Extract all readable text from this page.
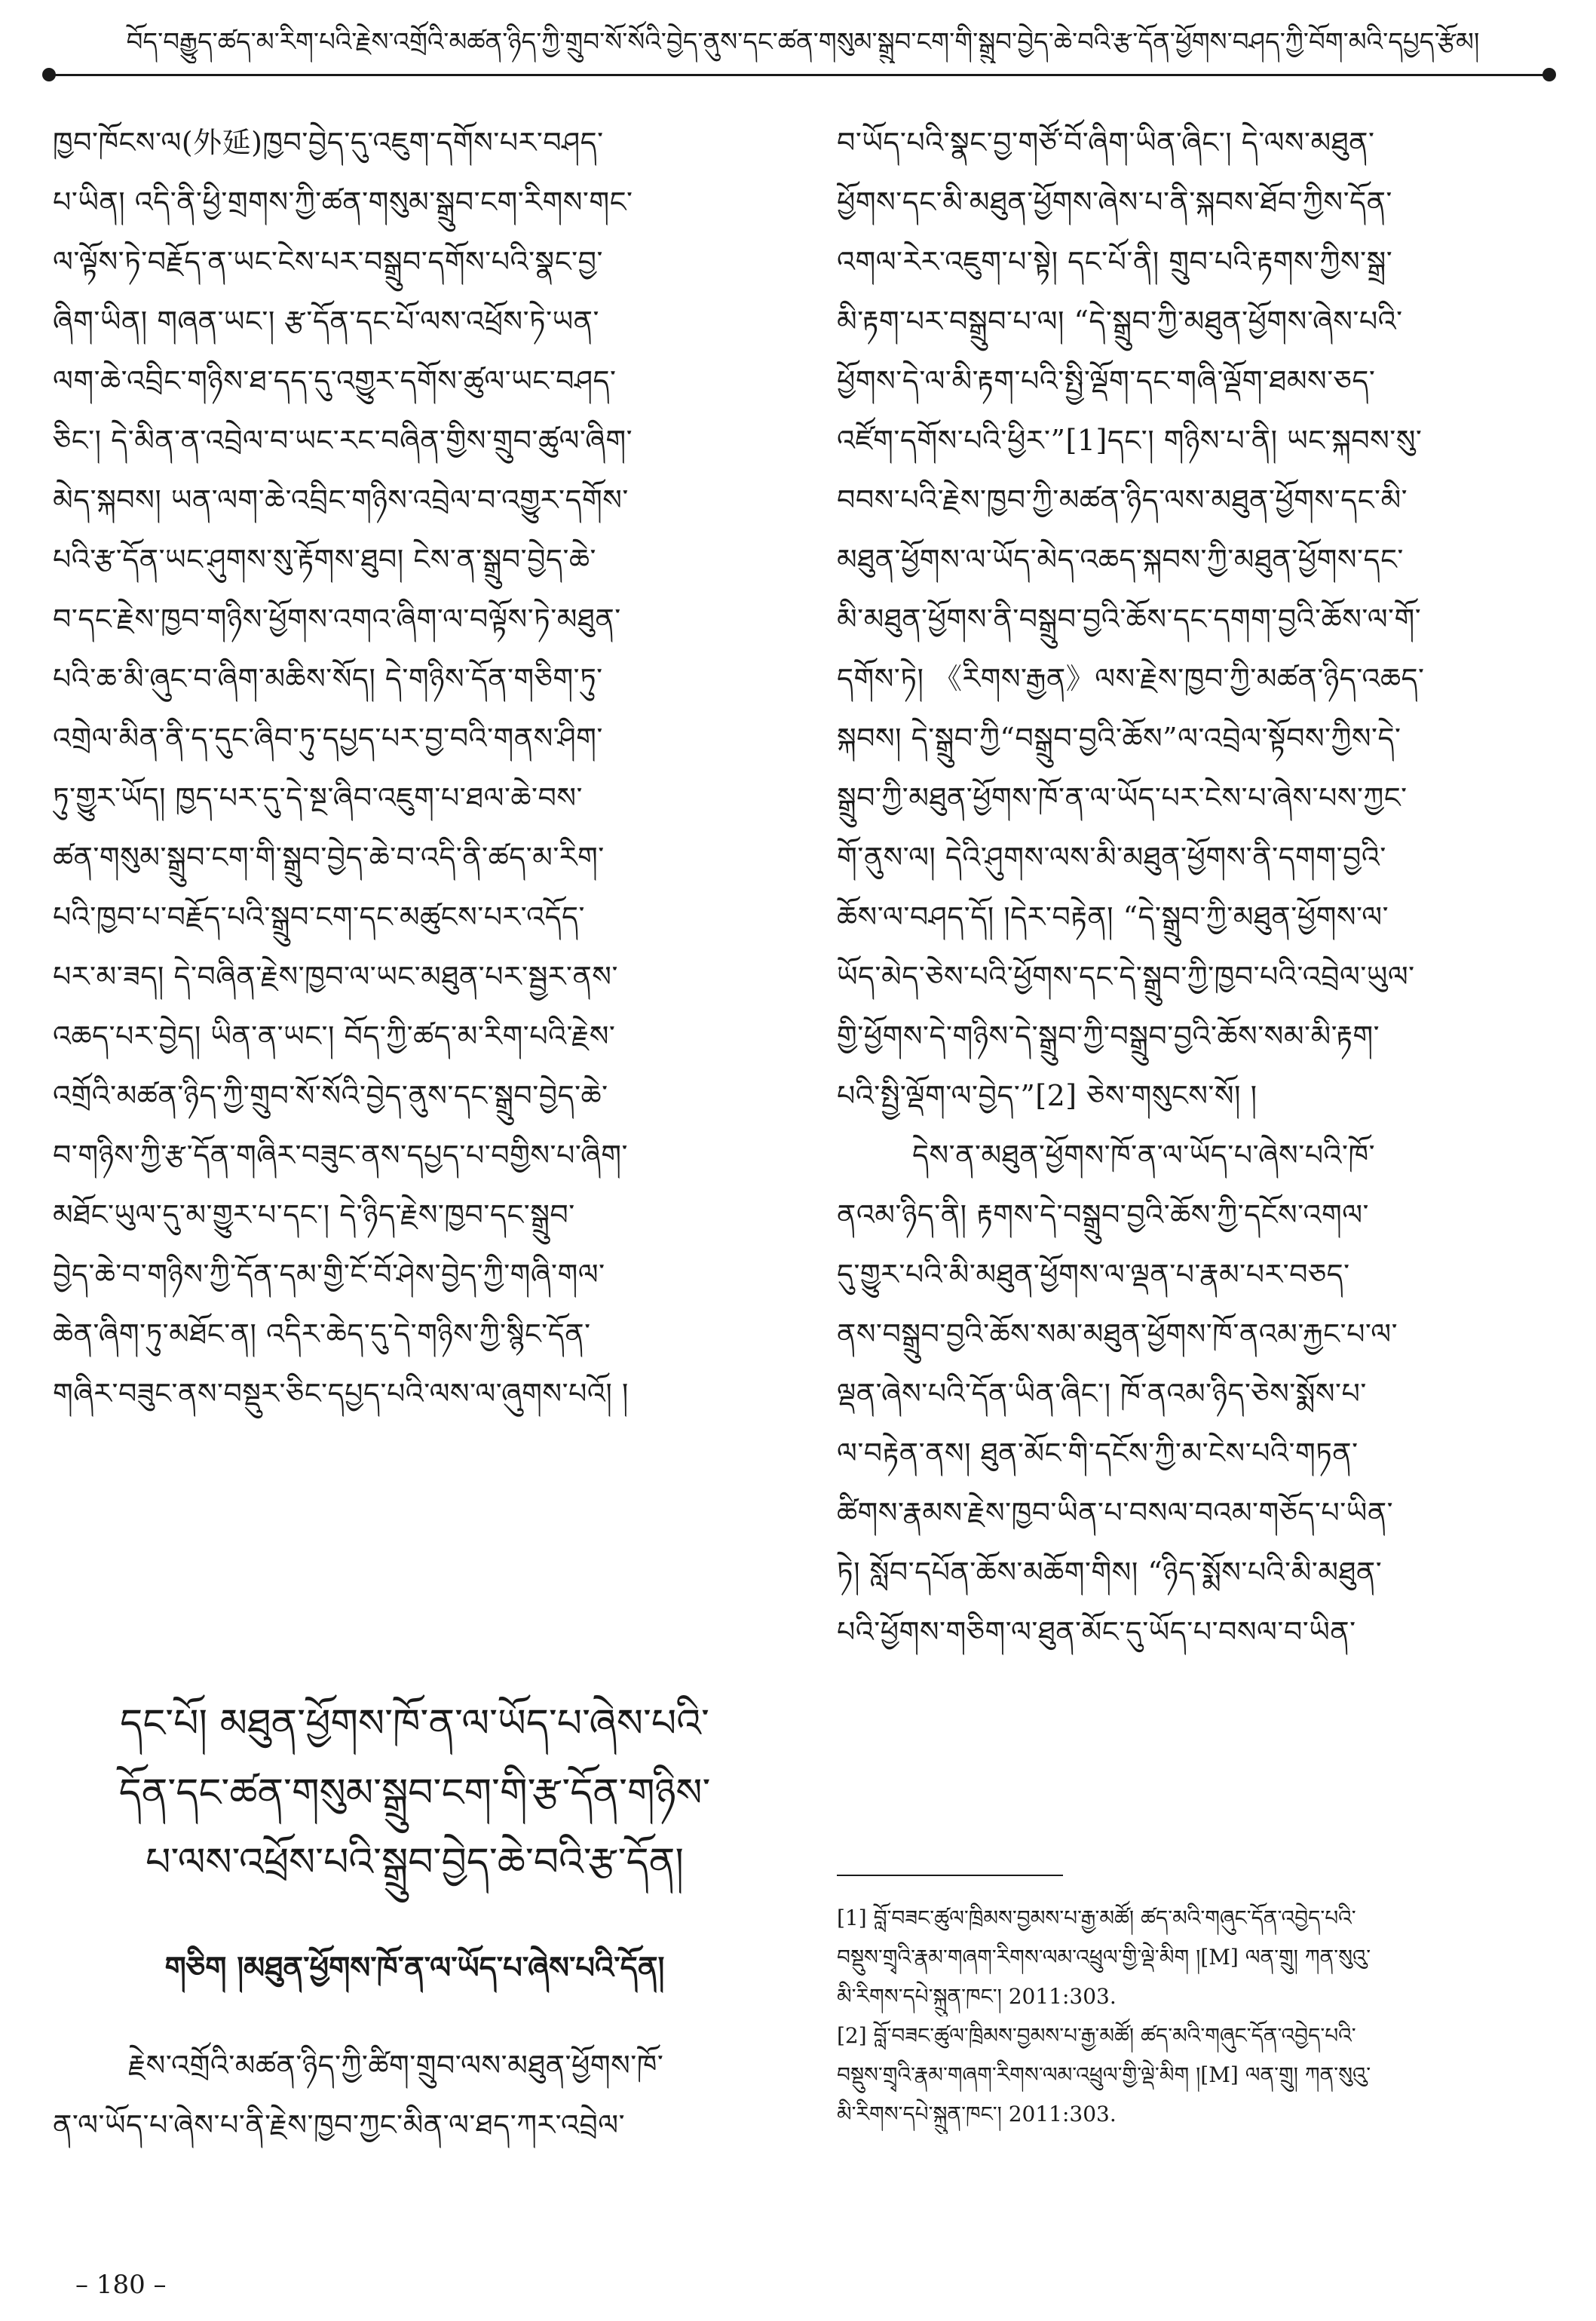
བོད་བརྒྱུད་ཚད་མ་རིག་པའི་རྗེས་འགྲོའི་མཚན་ཉིད་ཀྱི་གྲུབ་སོ་སོའི་བྱེད་ནུས་དང་ཚན་གསུམ་སྒྲུབ་ངག་གི་སྒྲུབ་བྱེད་ཆེ་བའི་རྩ་དོན་ཕྱོགས་བཤད་ཀྱི་བོག་མའི་དཔྱད་རྩོམ།
ཁྱབ་ཁོངས་ལ(外延)ཁྱབ་བྱེད་དུ་འཇུག་དགོས་པར་བཤད་
པ་ཡིན། འདི་ནི་ཕྱི་གྲགས་ཀྱི་ཚན་གསུམ་སྒྲུབ་ངག་རིགས་གང་
ལ་ལྟོས་ཏེ་བརྗོད་ན་ཡང་ངེས་པར་བསྒྲུབ་དགོས་པའི་སྣང་བྱ་
ཞིག་ཡིན། གཞན་ཡང་། རྩ་དོན་དང་པོ་ལས་འཕྲོས་ཏེ་ཡན་
ལག་ཆེ་འབྲིང་གཉིས་ཐ་དད་དུ་འགྱུར་དགོས་ཚུལ་ཡང་བཤད་
ཅིང་། དེ་མིན་ན་འབྲེལ་བ་ཡང་རང་བཞིན་གྱིས་གྲུབ་ཚུལ་ཞིག་
མེད་སྐབས། ཡན་ལག་ཆེ་འབྲིང་གཉིས་འབྲེལ་བ་འགྱུར་དགོས་
པའི་རྩ་དོན་ཡང་ཤུགས་སུ་རྟོགས་ཐུབ། ངེས་ན་སྒྲུབ་བྱེད་ཆེ་
བ་དང་རྗེས་ཁྱབ་གཉིས་ཕྱོགས་འགའ་ཞིག་ལ་བལྟོས་ཏེ་མཐུན་
པའི་ཆ་མི་ཞུང་བ་ཞིག་མཆིས་སོད། དེ་གཉིས་དོན་གཅིག་ཏུ་
འགྲེལ་མིན་ནི་ད་དུང་ཞིབ་ཏུ་དཔྱད་པར་བྱ་བའི་གནས་ཤིག་
ཏུ་གྱུར་ཡོད། ཁྱད་པར་དུ་དེ་སྔ་ཞིབ་འཇུག་པ་ཐལ་ཆེ་བས་
ཚན་གསུམ་སྒྲུབ་ངག་གི་སྒྲུབ་བྱེད་ཆེ་བ་འདི་ནི་ཚད་མ་རིག་
པའི་ཁྱབ་པ་བརྗོད་པའི་སྒྲུབ་ངག་དང་མཚུངས་པར་འདོད་
པར་མ་ཟད། དེ་བཞིན་རྗེས་ཁྱབ་ལ་ཡང་མཐུན་པར་སྦྱར་ནས་
འཆད་པར་བྱེད། ཡིན་ན་ཡང་། བོད་ཀྱི་ཚད་མ་རིག་པའི་རྗེས་
འགྲོའི་མཚན་ཉིད་ཀྱི་གྲུབ་སོ་སོའི་བྱེད་ནུས་དང་སྒྲུབ་བྱེད་ཆེ་
བ་གཉིས་ཀྱི་རྩ་དོན་གཞིར་བཟུང་ནས་དཔྱད་པ་བགྱིས་པ་ཞིག་
མཐོང་ཡུལ་དུ་མ་གྱུར་པ་དང་། དེ་ཉིད་རྗེས་ཁྱབ་དང་སྒྲུབ་
བྱེད་ཆེ་བ་གཉིས་ཀྱི་དོན་དམ་གྱི་ངོ་བོ་ཤེས་བྱེད་ཀྱི་གཞི་གལ་
ཆེན་ཞིག་ཏུ་མཐོང་ན། འདིར་ཆེད་དུ་དེ་གཉིས་ཀྱི་སྙིང་དོན་
གཞིར་བཟུང་ནས་བསྡུར་ཅིང་དཔྱད་པའི་ལས་ལ་ཞུགས་པའོ། །
དང་པོ། མཐུན་ཕྱོགས་ཁོ་ན་ལ་ཡོད་པ་ཞེས་པའི་
དོན་དང་ཚན་གསུམ་སྒྲུབ་ངག་གི་རྩ་དོན་གཉིས་
པ་ལས་འཕྲོས་པའི་སྒྲུབ་བྱེད་ཆེ་བའི་རྩ་དོན།
གཅིག །མཐུན་ཕྱོགས་ཁོ་ན་ལ་ཡོད་པ་ཞེས་པའི་དོན།
རྗེས་འགྲོའི་མཚན་ཉིད་ཀྱི་ཚིག་གྲུབ་ལས་མཐུན་ཕྱོགས་ཁོ་
ན་ལ་ཡོད་པ་ཞེས་པ་ནི་རྗེས་ཁྱབ་ཀྱང་མིན་ལ་ཐད་ཀར་འབྲེལ་
བ་ཡོད་པའི་སྣང་བྱ་གཙོ་བོ་ཞིག་ཡིན་ཞིང་། དེ་ལས་མཐུན་
ཕྱོགས་དང་མི་མཐུན་ཕྱོགས་ཞེས་པ་ནི་སྐབས་ཐོབ་ཀྱིས་དོན་
འགལ་རེར་འཇུག་པ་སྟེ། དང་པོ་ནི། གྲུབ་པའི་རྟགས་ཀྱིས་སྒྲ་
མི་རྟག་པར་བསྒྲུབ་པ་ལ། “དེ་སྒྲུབ་ཀྱི་མཐུན་ཕྱོགས་ཞེས་པའི་
ཕྱོགས་དེ་ལ་མི་རྟག་པའི་སྤྱི་ལྡོག་དང་གཞི་ལྡོག་ཐམས་ཅད་
འཛོག་དགོས་པའི་ཕྱིར་”[1]དང་། གཉིས་པ་ནི། ཡང་སྐབས་སུ་
བབས་པའི་རྗེས་ཁྱབ་ཀྱི་མཚན་ཉིད་ལས་མཐུན་ཕྱོགས་དང་མི་
མཐུན་ཕྱོགས་ལ་ཡོད་མེད་འཆད་སྐབས་ཀྱི་མཐུན་ཕྱོགས་དང་
མི་མཐུན་ཕྱོགས་ནི་བསྒྲུབ་བྱའི་ཆོས་དང་དགག་བྱའི་ཆོས་ལ་གོ་
དགོས་ཏེ། 《རིགས་རྒྱན》ལས་རྗེས་ཁྱབ་ཀྱི་མཚན་ཉིད་འཆད་
སྐབས། དེ་སྒྲུབ་ཀྱི“བསྒྲུབ་བྱའི་ཆོས”ལ་འབྲེལ་སྟོབས་ཀྱིས་དེ་
སྒྲུབ་ཀྱི་མཐུན་ཕྱོགས་ཁོ་ན་ལ་ཡོད་པར་ངེས་པ་ཞེས་པས་ཀྱང་
གོ་ནུས་ལ། དེའི་ཤུགས་ལས་མི་མཐུན་ཕྱོགས་ནི་དགག་བྱའི་
ཆོས་ལ་བཤད་དོ། །དེར་བརྟེན། “དེ་སྒྲུབ་ཀྱི་མཐུན་ཕྱོགས་ལ་
ཡོད་མེད་ཅེས་པའི་ཕྱོགས་དང་དེ་སྒྲུབ་ཀྱི་ཁྱབ་པའི་འབྲེལ་ཡུལ་
གྱི་ཕྱོགས་དེ་གཉིས་དེ་སྒྲུབ་ཀྱི་བསྒྲུབ་བྱའི་ཆོས་སམ་མི་རྟག་
པའི་སྤྱི་ལྡོག་ལ་བྱེད་”[2] ཅེས་གསུངས་སོ། །
དེས་ན་མཐུན་ཕྱོགས་ཁོ་ན་ལ་ཡོད་པ་ཞེས་པའི་ཁོ་
ནའམ་ཉིད་ནི། རྟགས་དེ་བསྒྲུབ་བྱའི་ཆོས་ཀྱི་དངོས་འགལ་
དུ་གྱུར་པའི་མི་མཐུན་ཕྱོགས་ལ་ལྡན་པ་རྣམ་པར་བཅད་
ནས་བསྒྲུབ་བྱའི་ཆོས་སམ་མཐུན་ཕྱོགས་ཁོ་ནའམ་རྐྱང་པ་ལ་
ལྡན་ཞེས་པའི་དོན་ཡིན་ཞིང་། ཁོ་ནའམ་ཉིད་ཅེས་སྨོས་པ་
ལ་བརྟེན་ནས། ཐུན་མོང་གི་དངོས་ཀྱི་མ་ངེས་པའི་གཏན་
ཚིགས་རྣམས་རྗེས་ཁྱབ་ཡིན་པ་བསལ་བའམ་གཅོད་པ་ཡིན་
ཏེ། སློབ་དཔོན་ཆོས་མཆོག་གིས། “ཉིད་སྨོས་པའི་མི་མཐུན་
པའི་ཕྱོགས་གཅིག་ལ་ཐུན་མོང་དུ་ཡོད་པ་བསལ་བ་ཡིན་
[1] བློ་བཟང་ཚུལ་ཁྲིམས་བྱམས་པ་རྒྱ་མཚོ། ཚད་མའི་གཞུང་དོན་འབྱེད་པའི་
བསྡུས་གྲྭའི་རྣམ་གཞག་རིགས་ལམ་འཕྲུལ་གྱི་ལྡེ་མིག །[M] ལན་གྲུ། ཀན་སུའུ་
མི་རིགས་དཔེ་སྐྲུན་ཁང་། 2011:303.
[2] བློ་བཟང་ཚུལ་ཁྲིམས་བྱམས་པ་རྒྱ་མཚོ། ཚད་མའི་གཞུང་དོན་འབྱེད་པའི་
བསྡུས་གྲྭའི་རྣམ་གཞག་རིགས་ལམ་འཕྲུལ་གྱི་ལྡེ་མིག །[M] ལན་གྲུ། ཀན་སུའུ་
མི་རིགས་དཔེ་སྐྲུན་ཁང་། 2011:303.
– 180 –
